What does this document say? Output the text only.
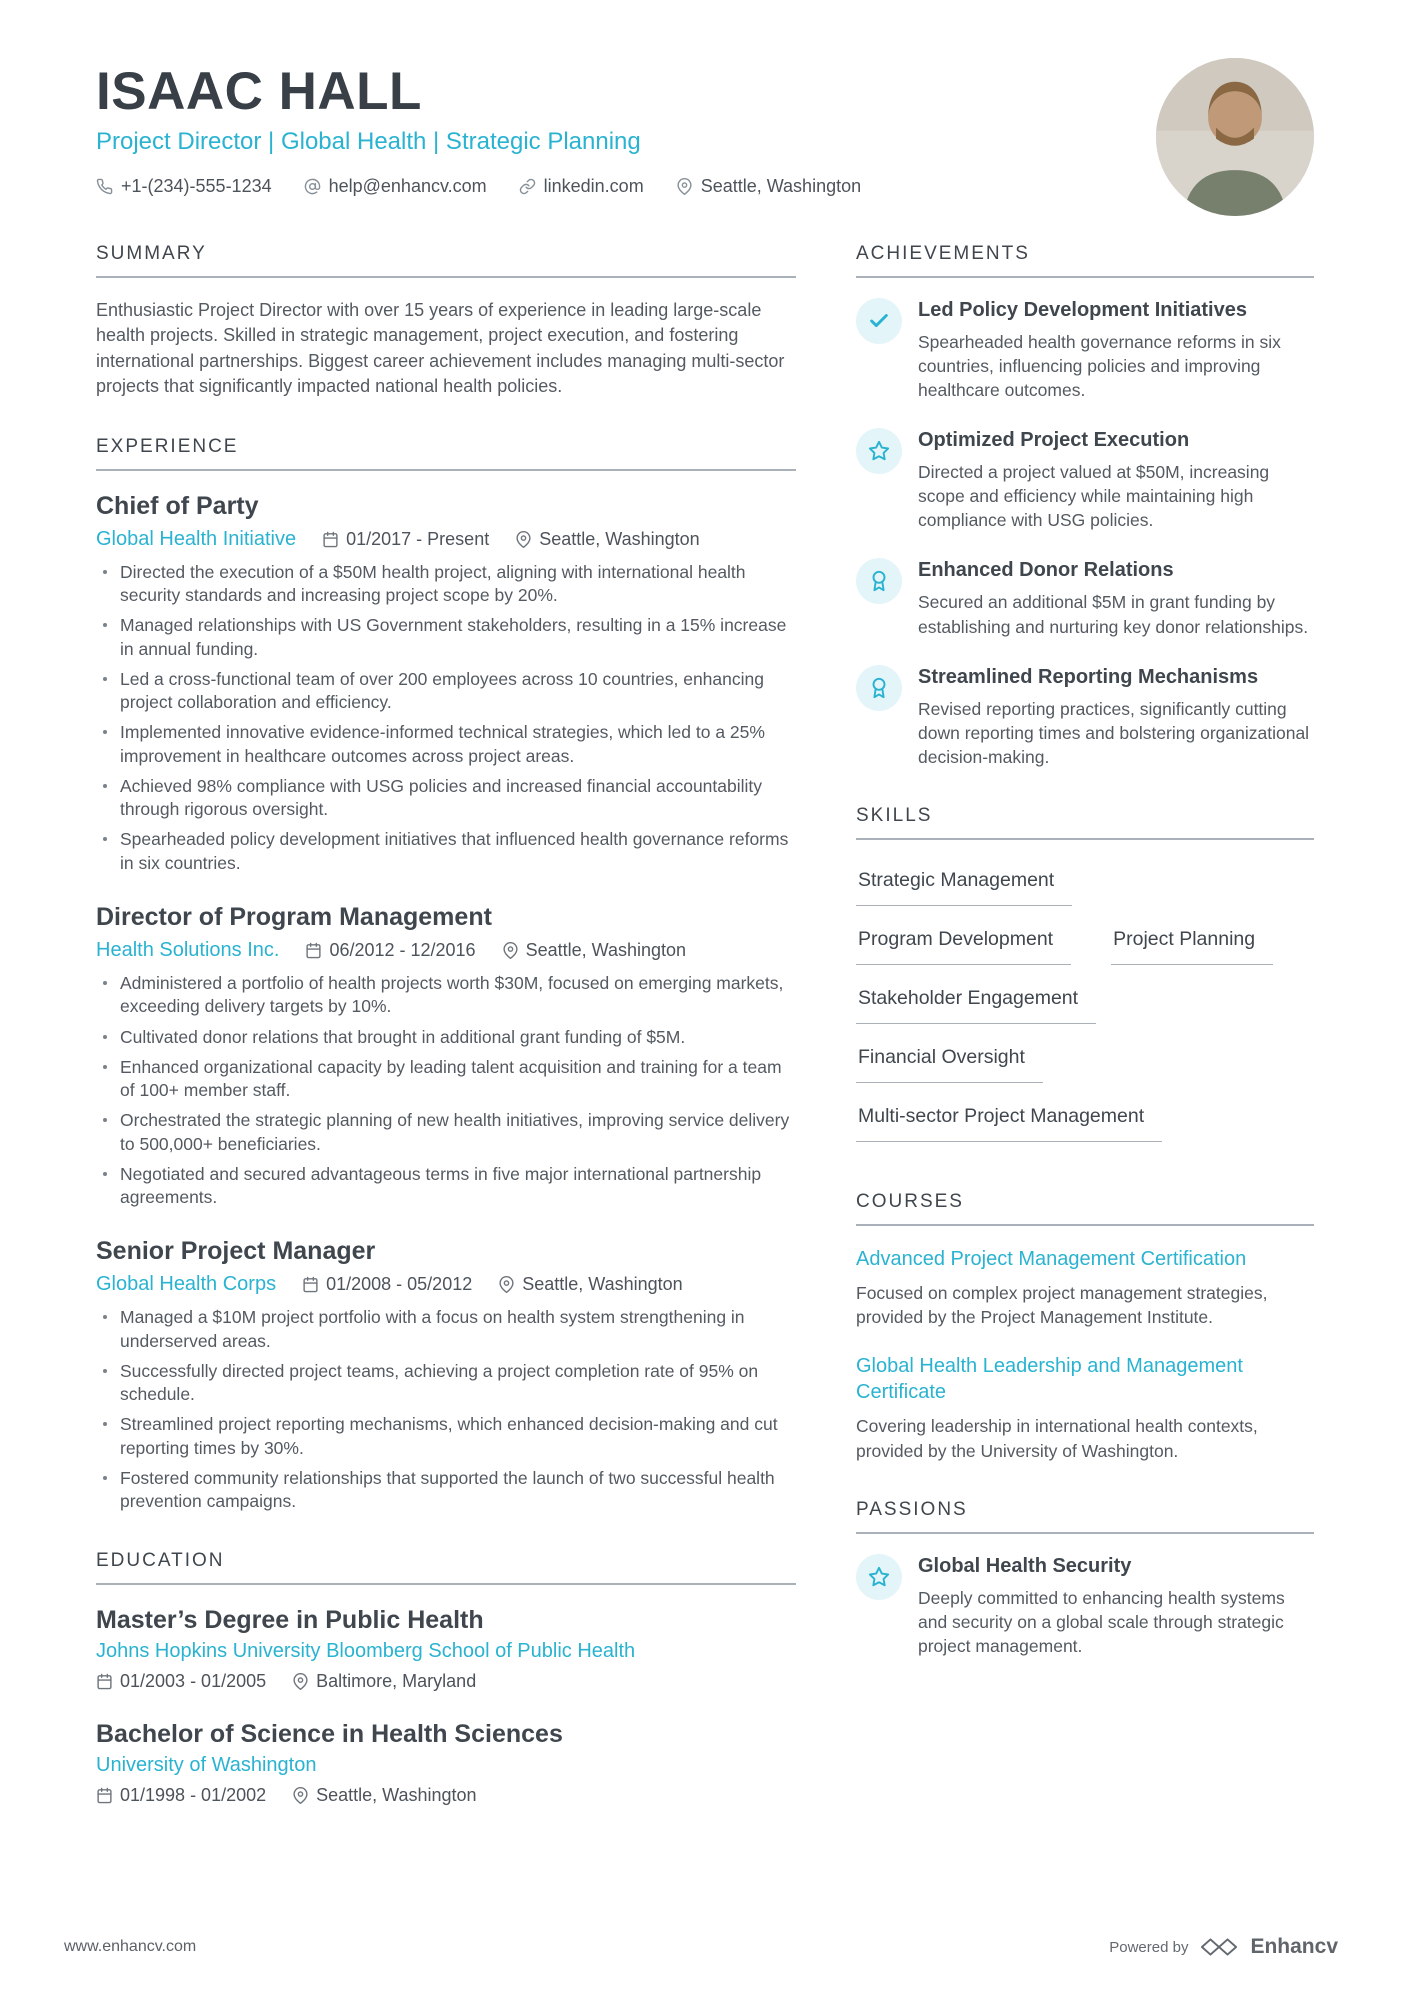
ISAAC HALL
Project Director | Global Health | Strategic Planning
+1-(234)-555-1234	help@enhancv.com	linkedin.com	Seattle, Washington
SUMMARY

Enthusiastic Project Director with over 15 years of experience in leading large-scale health projects. Skilled in strategic management, project execution, and fostering international partnerships. Biggest career achievement includes managing multi-sector projects that significantly impacted national health policies.

EXPERIENCE
Chief of Party
Global Health Initiative	01/2017 - Present	Seattle, Washington
Directed the execution of a $50M health project, aligning with international health security standards and increasing project scope by 20%.
Managed relationships with US Government stakeholders, resulting in a 15% increase in annual funding.
Led a cross-functional team of over 200 employees across 10 countries, enhancing project collaboration and efficiency.
Implemented innovative evidence-informed technical strategies, which led to a 25% improvement in healthcare outcomes across project areas.
Achieved 98% compliance with USG policies and increased financial accountability through rigorous oversight.
Spearheaded policy development initiatives that influenced health governance reforms in six countries.
Director of Program Management
Health Solutions Inc.	06/2012 - 12/2016	Seattle, Washington
Administered a portfolio of health projects worth $30M, focused on emerging markets, exceeding delivery targets by 10%.
Cultivated donor relations that brought in additional grant funding of $5M.
Enhanced organizational capacity by leading talent acquisition and training for a team of 100+ member staff.
Orchestrated the strategic planning of new health initiatives, improving service delivery to 500,000+ beneficiaries.
Negotiated and secured advantageous terms in five major international partnership agreements.
Senior Project Manager
Global Health Corps	01/2008 - 05/2012	Seattle, Washington
Managed a $10M project portfolio with a focus on health system strengthening in underserved areas.
Successfully directed project teams, achieving a project completion rate of 95% on schedule.
Streamlined project reporting mechanisms, which enhanced decision-making and cut reporting times by 30%.
Fostered community relationships that supported the launch of two successful health prevention campaigns.
EDUCATION
Master’s Degree in Public Health
Johns Hopkins University Bloomberg School of Public Health
01/2003 - 01/2005	Baltimore, Maryland
Bachelor of Science in Health Sciences
University of Washington
01/1998 - 01/2002	Seattle, Washington
ACHIEVEMENTS
Led Policy Development Initiatives
Spearheaded health governance reforms in six countries, influencing policies and improving healthcare outcomes.
Optimized Project Execution
Directed a project valued at $50M, increasing scope and efficiency while maintaining high compliance with USG policies.
Enhanced Donor Relations
Secured an additional $5M in grant funding by establishing and nurturing key donor relationships.
Streamlined Reporting Mechanisms
Revised reporting practices, significantly cutting down reporting times and bolstering organizational decision-making.
SKILLS
Strategic Management
Program Development	Project Planning
Stakeholder Engagement
Financial Oversight
Multi-sector Project Management
COURSES
Advanced Project Management Certification
Focused on complex project management strategies, provided by the Project Management Institute.
Global Health Leadership and Management Certificate
Covering leadership in international health contexts, provided by the University of Washington.
PASSIONS
Global Health Security
Deeply committed to enhancing health systems and security on a global scale through strategic project management.
www.enhancv.com	Powered by	Enhancv
